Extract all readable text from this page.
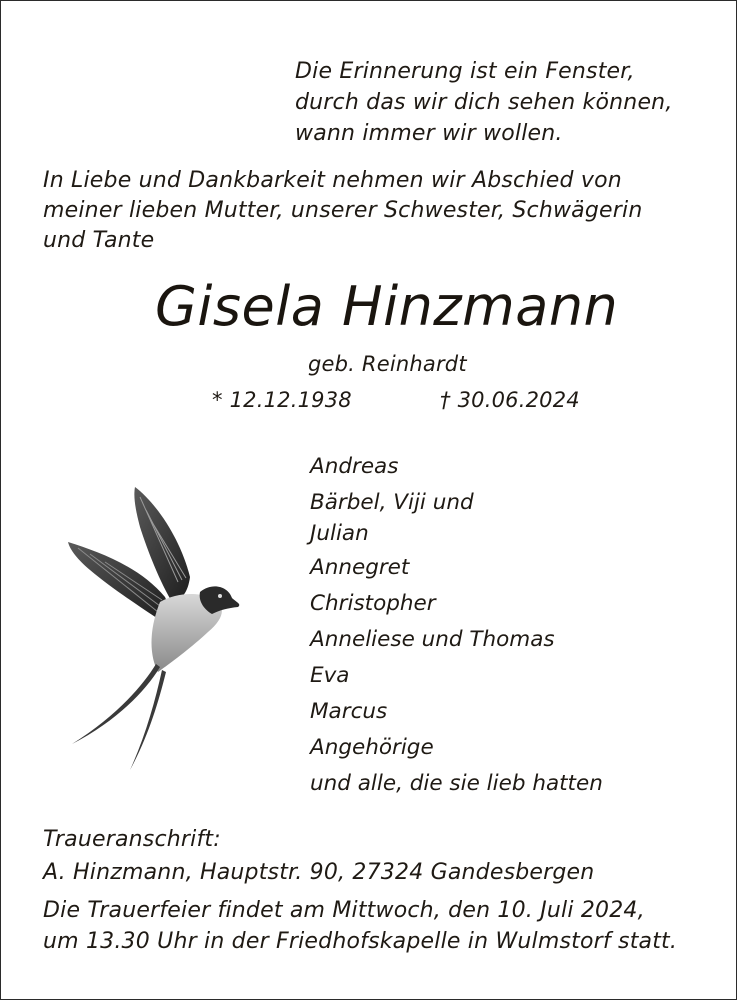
Die Erinnerung ist ein Fenster,
durch das wir dich sehen können,
wann immer wir wollen.
In Liebe und Dankbarkeit nehmen wir Abschied von
meiner lieben Mutter, unserer Schwester, Schwägerin
und Tante
Gisela Hinzmann
geb. Reinhardt
* 12.12.1938	† 30.06.2024
Andreas
Bärbel, Viji und Julian
Annegret
Christopher
Anneliese und Thomas
Eva
Marcus
Angehörige
und alle, die sie lieb hatten
Traueranschrift:
A. Hinzmann, Hauptstr. 90, 27324 Gandesbergen
Die Trauerfeier findet am Mittwoch, den 10. Juli 2024,
um 13.30 Uhr in der Friedhofskapelle in Wulmstorf statt.
